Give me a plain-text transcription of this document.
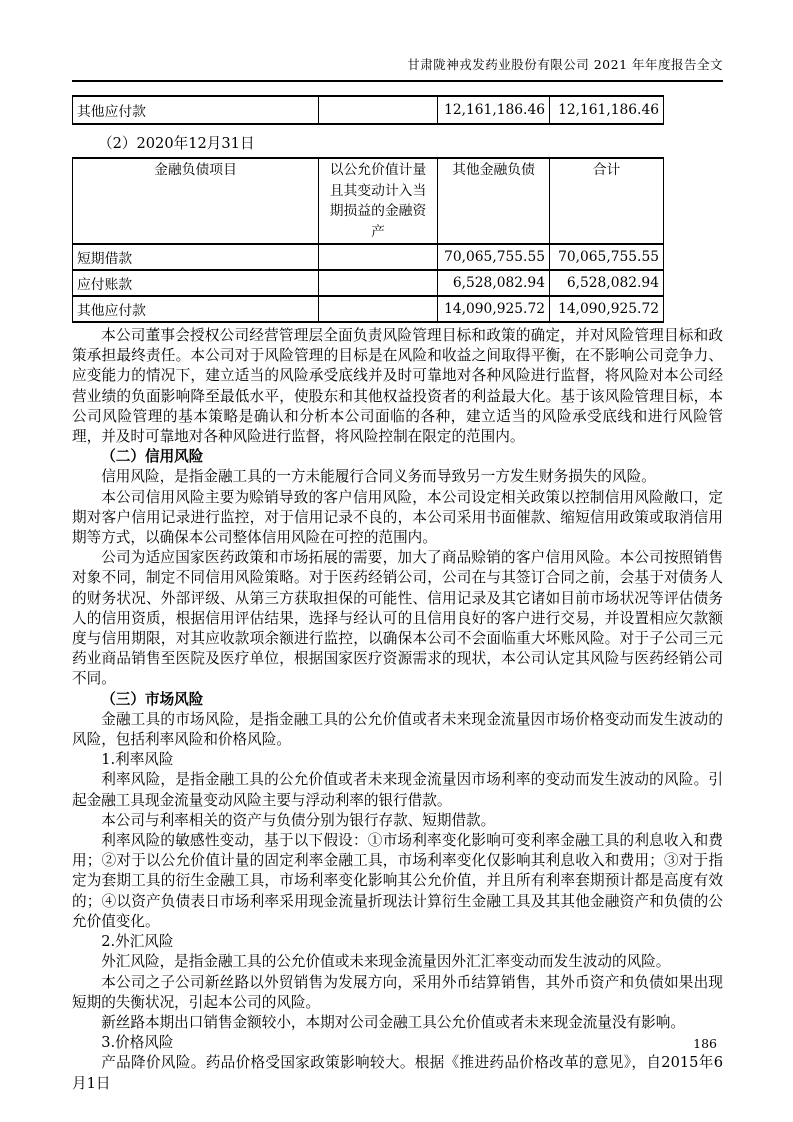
甘肃陇神戎发药业股份有限公司 2021 年年度报告全文
其他应付款		12,161,186.46	12,161,186.46
（2）2020年12月31日
金融负债项目	以公允价值计量且其变动计入当期损益的金融资产	其他金融负债	合计
短期借款		70,065,755.55	70,065,755.55
应付账款		6,528,082.94	6,528,082.94
其他应付款		14,090,925.72	14,090,925.72

本公司董事会授权公司经营管理层全面负责风险管理目标和政策的确定，并对风险管理目标和政策承担最终责任。本公司对于风险管理的目标是在风险和收益之间取得平衡，在不影响公司竞争力、应变能力的情况下，建立适当的风险承受底线并及时可靠地对各种风险进行监督，将风险对本公司经营业绩的负面影响降至最低水平，使股东和其他权益投资者的利益最大化。基于该风险管理目标，本公司风险管理的基本策略是确认和分析本公司面临的各种，建立适当的风险承受底线和进行风险管理，并及时可靠地对各种风险进行监督，将风险控制在限定的范围内。

（二）信用风险

信用风险，是指金融工具的一方未能履行合同义务而导致另一方发生财务损失的风险。

本公司信用风险主要为赊销导致的客户信用风险，本公司设定相关政策以控制信用风险敞口，定期对客户信用记录进行监控，对于信用记录不良的，本公司采用书面催款、缩短信用政策或取消信用期等方式，以确保本公司整体信用风险在可控的范围内。

公司为适应国家医药政策和市场拓展的需要，加大了商品赊销的客户信用风险。本公司按照销售对象不同，制定不同信用风险策略。对于医药经销公司，公司在与其签订合同之前，会基于对债务人的财务状况、外部评级、从第三方获取担保的可能性、信用记录及其它诸如目前市场状况等评估债务人的信用资质，根据信用评估结果，选择与经认可的且信用良好的客户进行交易，并设置相应欠款额度与信用期限，对其应收款项余额进行监控，以确保本公司不会面临重大坏账风险。对于子公司三元药业商品销售至医院及医疗单位，根据国家医疗资源需求的现状，本公司认定其风险与医药经销公司不同。

（三）市场风险

金融工具的市场风险，是指金融工具的公允价值或者未来现金流量因市场价格变动而发生波动的风险，包括利率风险和价格风险。

1.利率风险

利率风险，是指金融工具的公允价值或者未来现金流量因市场利率的变动而发生波动的风险。引起金融工具现金流量变动风险主要与浮动利率的银行借款。

本公司与利率相关的资产与负债分别为银行存款、短期借款。

利率风险的敏感性变动，基于以下假设：①市场利率变化影响可变利率金融工具的利息收入和费用；②对于以公允价值计量的固定利率金融工具，市场利率变化仅影响其利息收入和费用；③对于指定为套期工具的衍生金融工具，市场利率变化影响其公允价值，并且所有利率套期预计都是高度有效的；④以资产负债表日市场利率采用现金流量折现法计算衍生金融工具及其其他金融资产和负债的公允价值变化。

2.外汇风险

外汇风险，是指金融工具的公允价值或未来现金流量因外汇汇率变动而发生波动的风险。

本公司之子公司新丝路以外贸销售为发展方向，采用外币结算销售，其外币资产和负债如果出现短期的失衡状况，引起本公司的风险。

新丝路本期出口销售金额较小，本期对公司金融工具公允价值或者未来现金流量没有影响。

3.价格风险

产品降价风险。药品价格受国家政策影响较大。根据《推进药品价格改革的意见》，自2015年6月1日

186
